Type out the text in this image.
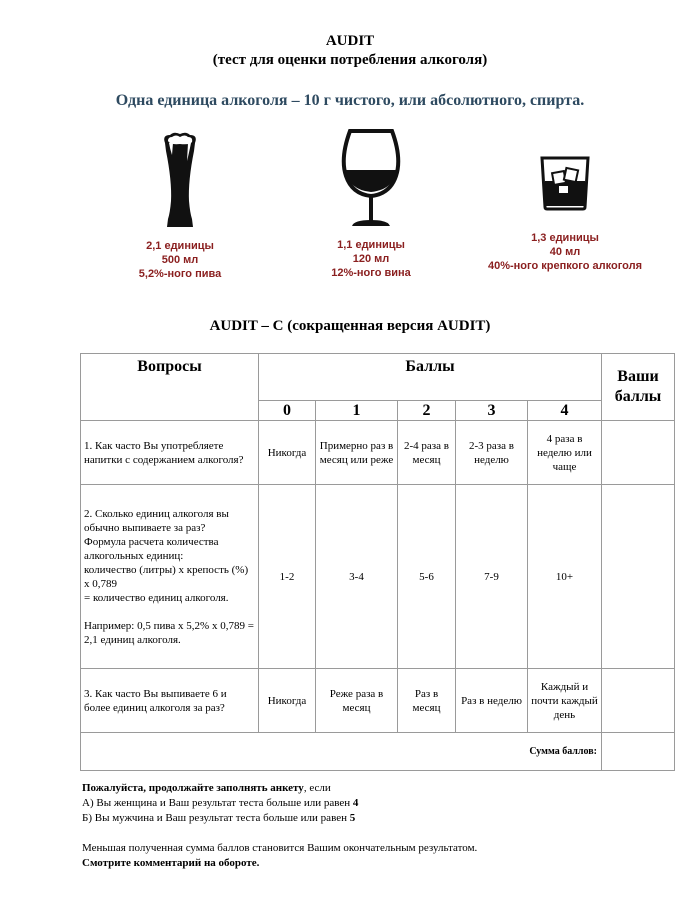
AUDIT
(тест для оценки потребления алкоголя)
Одна единица алкоголя – 10 г чистого, или абсолютного, спирта.
2,1 единицы
500 мл
5,2%-ного пива
1,1 единицы
120 мл
12%-ного вина
1,3 единицы
40 мл
40%-ного крепкого алкоголя
AUDIT – C (сокращенная версия AUDIT)
Вопросы	Баллы					Ваши
баллы

	0	1	2	3	4	
1. Как часто Вы употребляете напитки с содержанием алкоголя?	Никогда	Примерно раз в месяц или реже	2-4 раза в месяц	2-3 раза в неделю	4 раза в неделю или чаще	

2. Сколько единиц алкоголя вы обычно выпиваете за раз?
Формула расчета количества алкогольных единиц:
количество (литры) х крепость (%) х 0,789
= количество единиц алкоголя.
Например: 0,5 пива х 5,2% х 0,789 = 2,1 единиц алкоголя.	1-2	3-4	5-6	7-9	10+	
3. Как часто Вы выпиваете 6 и более единиц алкоголя за раз?	Никогда	Реже раза в месяц	Раз в месяц	Раз в неделю	Каждый и почти каждый день	
Сумма баллов:						

Пожалуйста, продолжайте заполнять анкету, если

А) Вы женщина и Ваш результат теста больше или равен 4

Б) Вы мужчина и Ваш результат теста больше или равен 5

Меньшая полученная сумма баллов становится Вашим окончательным результатом.

Смотрите комментарий на обороте.
